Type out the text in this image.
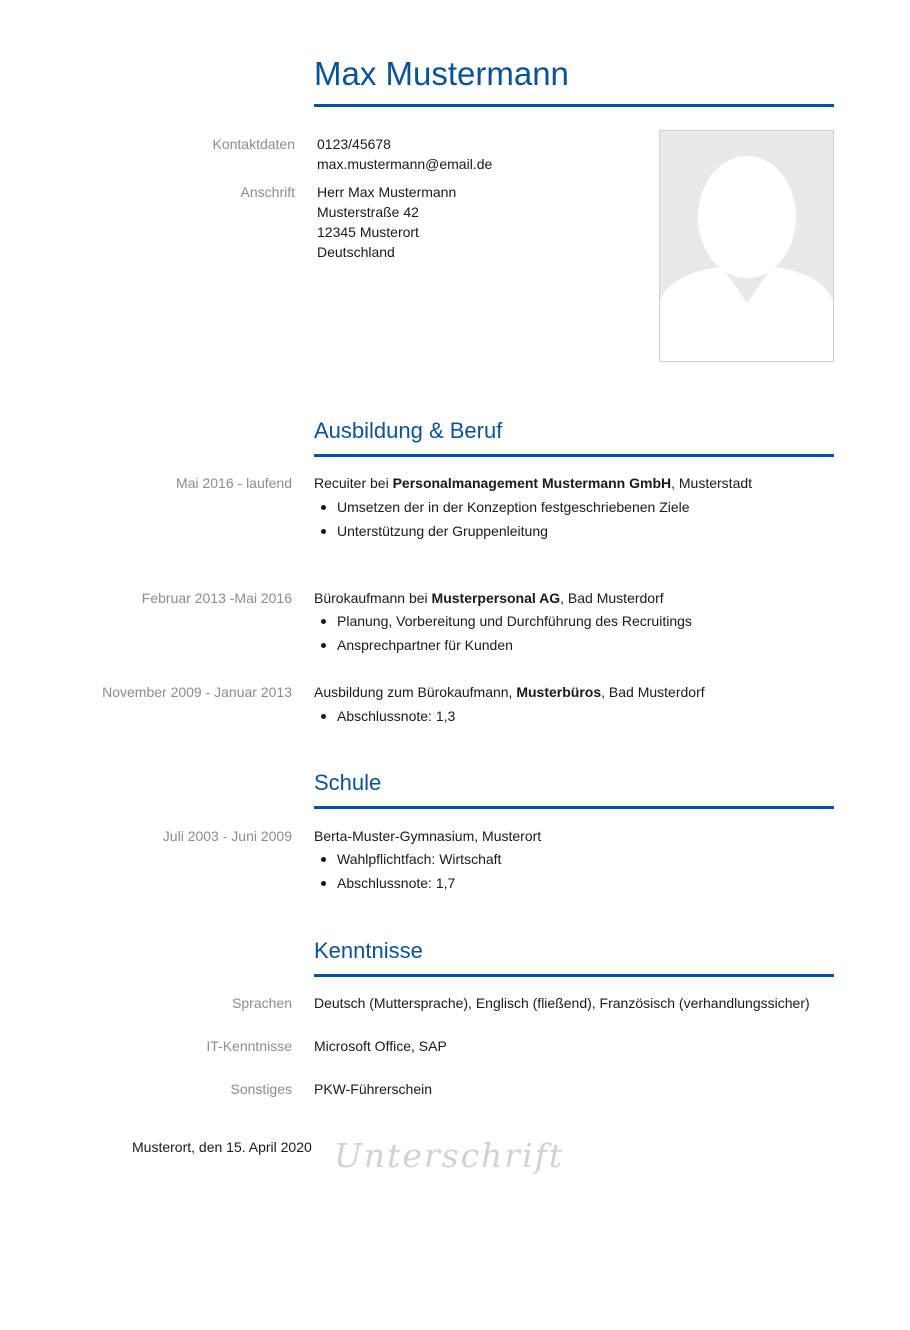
Max Mustermann
Kontaktdaten 0123/45678
max.mustermann@email.de
Anschrift Herr Max Mustermann
Musterstraße 42
12345 Musterort
Deutschland
Ausbildung & Beruf
Mai 2016 - laufend Recuiter bei Personalmanagement Mustermann GmbH, Musterstadt
Umsetzen der in der Konzeption festgeschriebenen Ziele
Unterstützung der Gruppenleitung
Februar 2013 -Mai 2016 Bürokaufmann bei Musterpersonal AG, Bad Musterdorf
Planung, Vorbereitung und Durchführung des Recruitings
Ansprechpartner für Kunden
November 2009 - Januar 2013 Ausbildung zum Bürokaufmann, Musterbüros, Bad Musterdorf
Abschlussnote: 1,3
Schule
Juli 2003 - Juni 2009 Berta-Muster-Gymnasium, Musterort
Wahlpflichtfach: Wirtschaft
Abschlussnote: 1,7
Kenntnisse
Sprachen Deutsch (Muttersprache), Englisch (fließend), Französisch (verhandlungssicher)
IT-Kenntnisse Microsoft Office, SAP
Sonstiges PKW-Führerschein
Musterort, den 15. April 2020 Unterschrift
